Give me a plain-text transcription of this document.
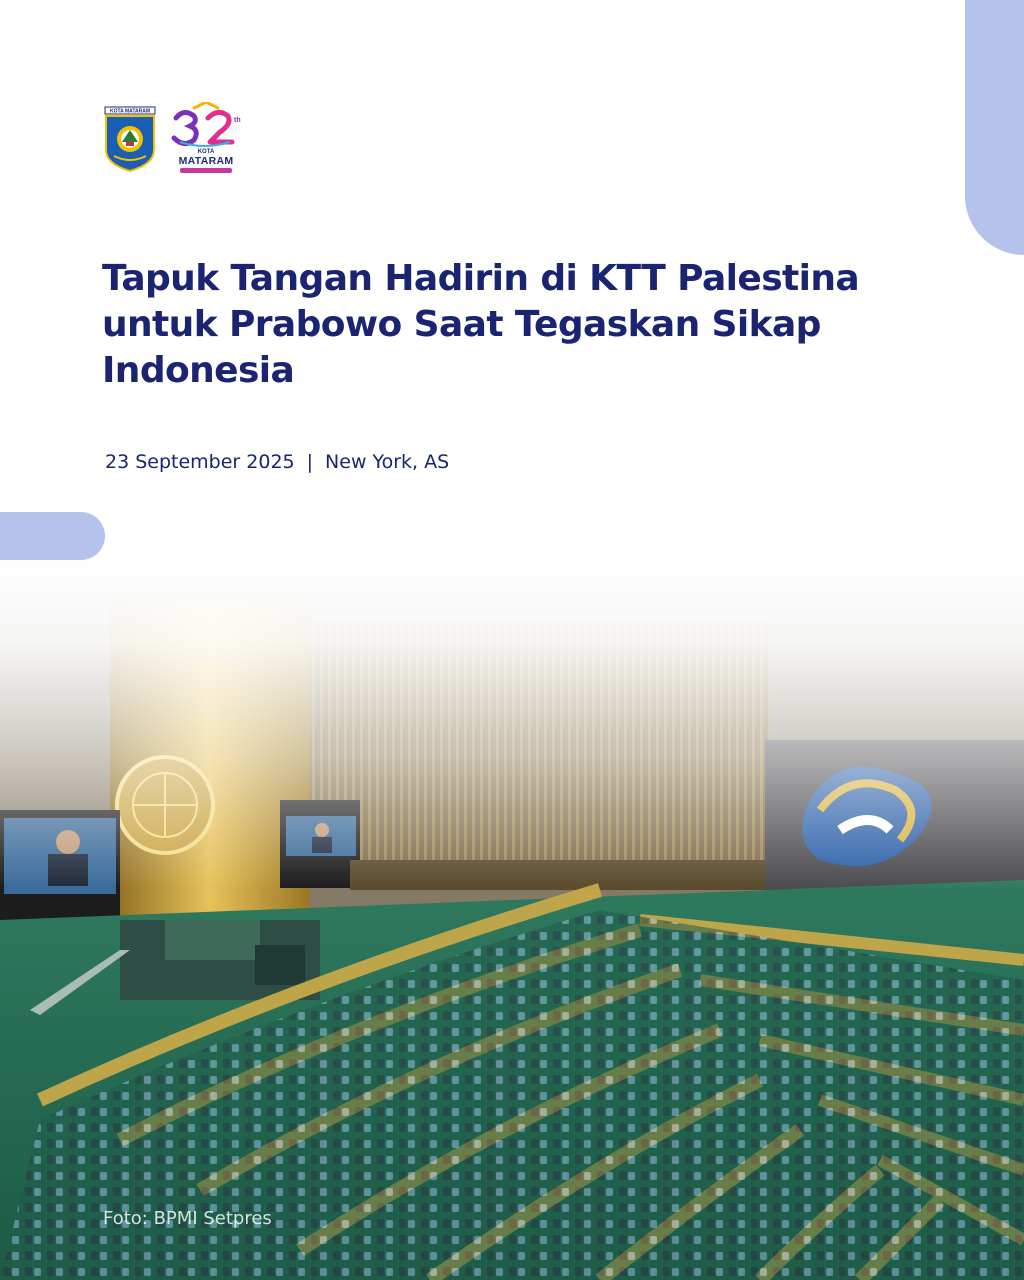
KOTA MATARAM
th
KOTA
MATARAM
Tapuk Tangan Hadirin di KTT Palestina untuk Prabowo Saat Tegaskan Sikap Indonesia
23 September 2025 | New York, AS
Foto: BPMI Setpres
